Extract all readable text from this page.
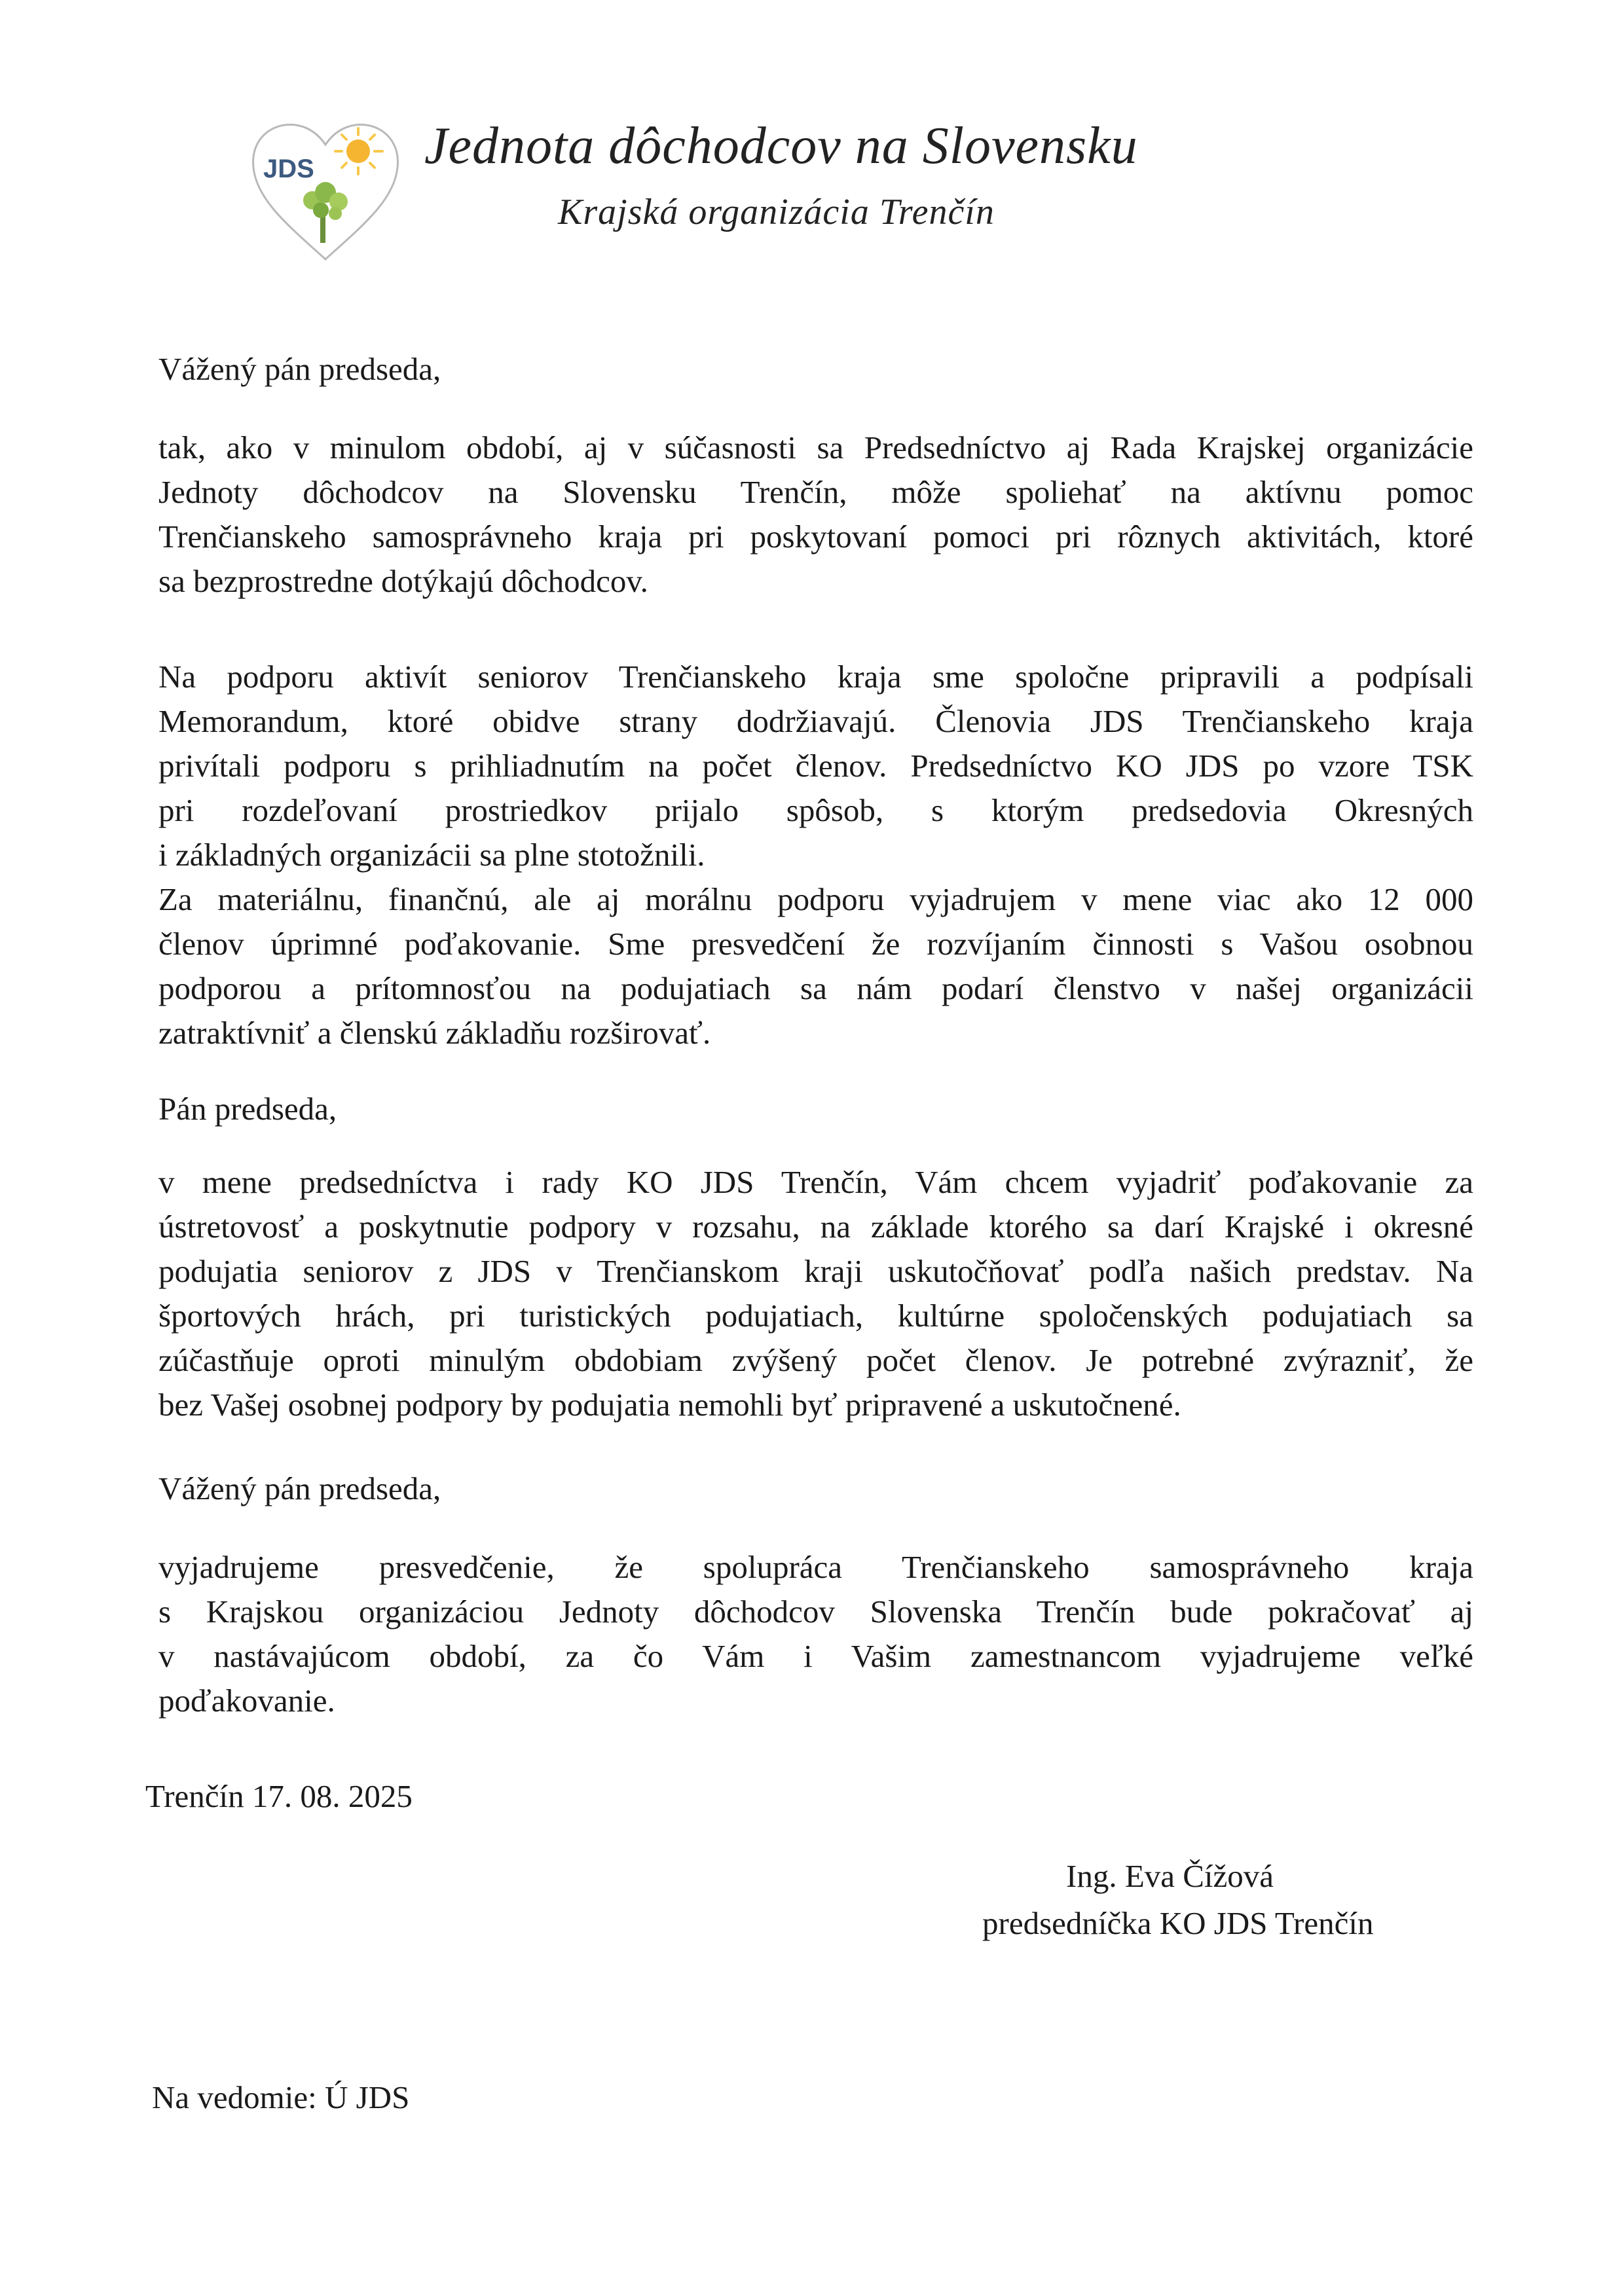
JDS Jednota dôchodcov na Slovensku
Krajská organizácia Trenčín

Vážený pán predseda,

tak, ako v minulom období, aj v súčasnosti sa Predsedníctvo aj Rada Krajskej organizácie
Jednoty dôchodcov na Slovensku Trenčín, môže spoliehať na aktívnu pomoc
Trenčianskeho samosprávneho kraja pri poskytovaní pomoci pri rôznych aktivitách, ktoré
sa bezprostredne dotýkajú dôchodcov.
Na podporu aktivít seniorov Trenčianskeho kraja sme spoločne pripravili a podpísali
Memorandum, ktoré obidve strany dodržiavajú. Členovia JDS Trenčianskeho kraja
privítali podporu s prihliadnutím na počet členov. Predsedníctvo KO JDS po vzore TSK
pri rozdeľovaní prostriedkov prijalo spôsob, s ktorým predsedovia Okresných
i základných organizácii sa plne stotožnili.
Za materiálnu, finančnú, ale aj morálnu podporu vyjadrujem v mene viac ako 12 000
členov úprimné poďakovanie. Sme presvedčení že rozvíjaním činnosti s Vašou osobnou
podporou a prítomnosťou na podujatiach sa nám podarí členstvo v našej organizácii
zatraktívniť a členskú základňu rozširovať.

Pán predseda,

v mene predsedníctva i rady KO JDS Trenčín, Vám chcem vyjadriť poďakovanie za
ústretovosť a poskytnutie podpory v rozsahu, na základe ktorého sa darí Krajské i okresné
podujatia seniorov z JDS v Trenčianskom kraji uskutočňovať podľa našich predstav. Na
športových hrách, pri turistických podujatiach, kultúrne spoločenských podujatiach sa
zúčastňuje oproti minulým obdobiam zvýšený počet členov. Je potrebné zvýrazniť, že
bez Vašej osobnej podpory by podujatia nemohli byť pripravené a uskutočnené.

Vážený pán predseda,

vyjadrujeme presvedčenie, že spolupráca Trenčianskeho samosprávneho kraja
s Krajskou organizáciou Jednoty dôchodcov Slovenska Trenčín bude pokračovať aj
v nastávajúcom období, za čo Vám i Vašim zamestnancom vyjadrujeme veľké
poďakovanie.

Trenčín 17. 08. 2025

Ing. Eva Čížová
predsedníčka KO JDS Trenčín

Na vedomie: Ú JDS
